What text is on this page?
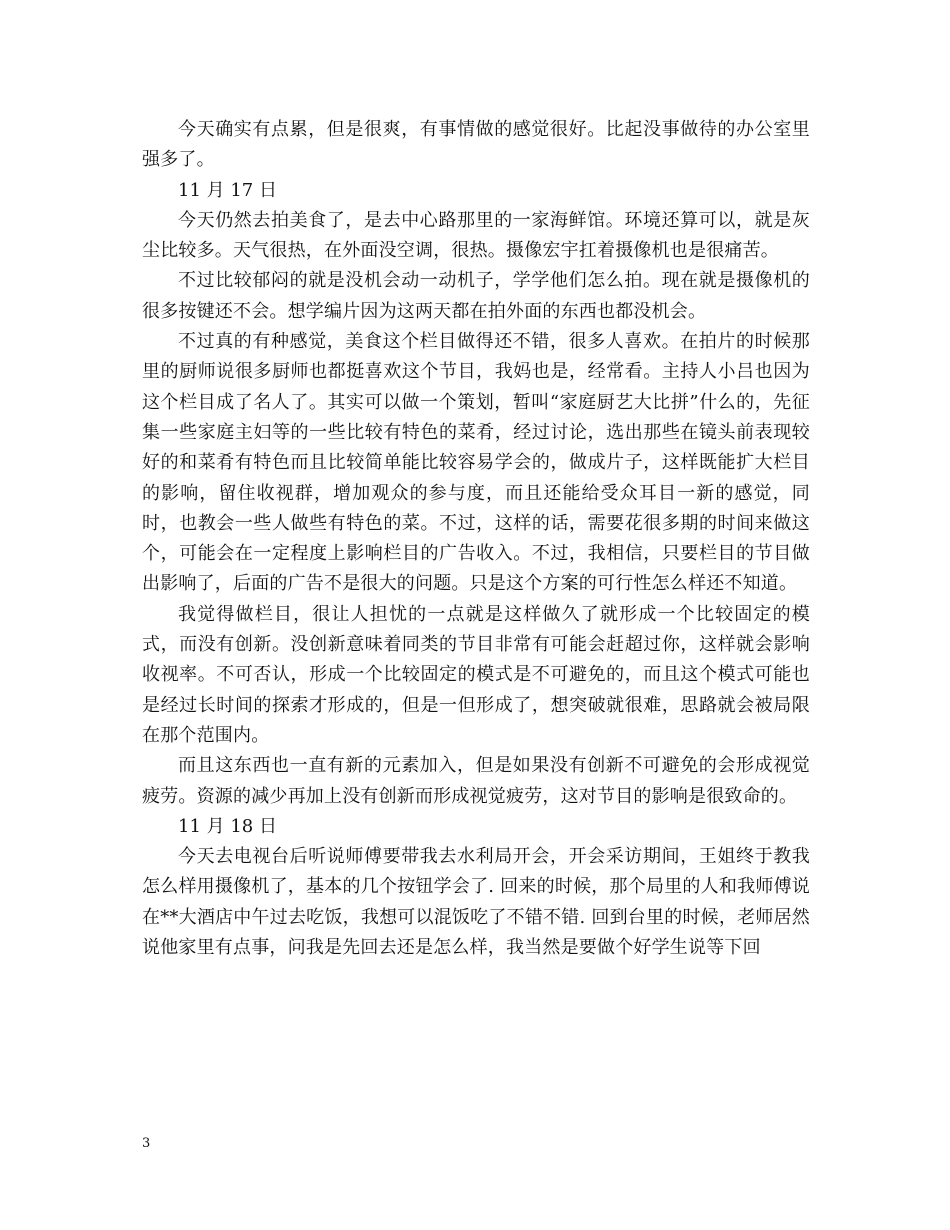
今天确实有点累，但是很爽，有事情做的感觉很好。比起没事做待的办公室里强多了。

11 月 17 日

今天仍然去拍美食了，是去中心路那里的一家海鲜馆。环境还算可以，就是灰尘比较多。天气很热，在外面没空调，很热。摄像宏宇扛着摄像机也是很痛苦。

不过比较郁闷的就是没机会动一动机子，学学他们怎么拍。现在就是摄像机的很多按键还不会。想学编片因为这两天都在拍外面的东西也都没机会。

不过真的有种感觉，美食这个栏目做得还不错，很多人喜欢。在拍片的时候那里的厨师说很多厨师也都挺喜欢这个节目，我妈也是，经常看。主持人小吕也因为这个栏目成了名人了。其实可以做一个策划，暂叫“家庭厨艺大比拼”什么的，先征集一些家庭主妇等的一些比较有特色的菜肴，经过讨论，选出那些在镜头前表现较好的和菜肴有特色而且比较简单能比较容易学会的，做成片子，这样既能扩大栏目的影响，留住收视群，增加观众的参与度，而且还能给受众耳目一新的感觉，同时，也教会一些人做些有特色的菜。不过，这样的话，需要花很多期的时间来做这个，可能会在一定程度上影响栏目的广告收入。不过，我相信，只要栏目的节目做出影响了，后面的广告不是很大的问题。只是这个方案的可行性怎么样还不知道。

我觉得做栏目，很让人担忧的一点就是这样做久了就形成一个比较固定的模式，而没有创新。没创新意味着同类的节目非常有可能会赶超过你，这样就会影响收视率。不可否认，形成一个比较固定的模式是不可避免的，而且这个模式可能也是经过长时间的探索才形成的，但是一但形成了，想突破就很难，思路就会被局限在那个范围内。

而且这东西也一直有新的元素加入，但是如果没有创新不可避免的会形成视觉疲劳。资源的减少再加上没有创新而形成视觉疲劳，这对节目的影响是很致命的。

11 月 18 日

今天去电视台后听说师傅要带我去水利局开会，开会采访期间，王姐终于教我怎么样用摄像机了，基本的几个按钮学会了. 回来的时候，那个局里的人和我师傅说在**大酒店中午过去吃饭，我想可以混饭吃了不错不错. 回到台里的时候，老师居然说他家里有点事，问我是先回去还是怎么样，我当然是要做个好学生说等下回

3
